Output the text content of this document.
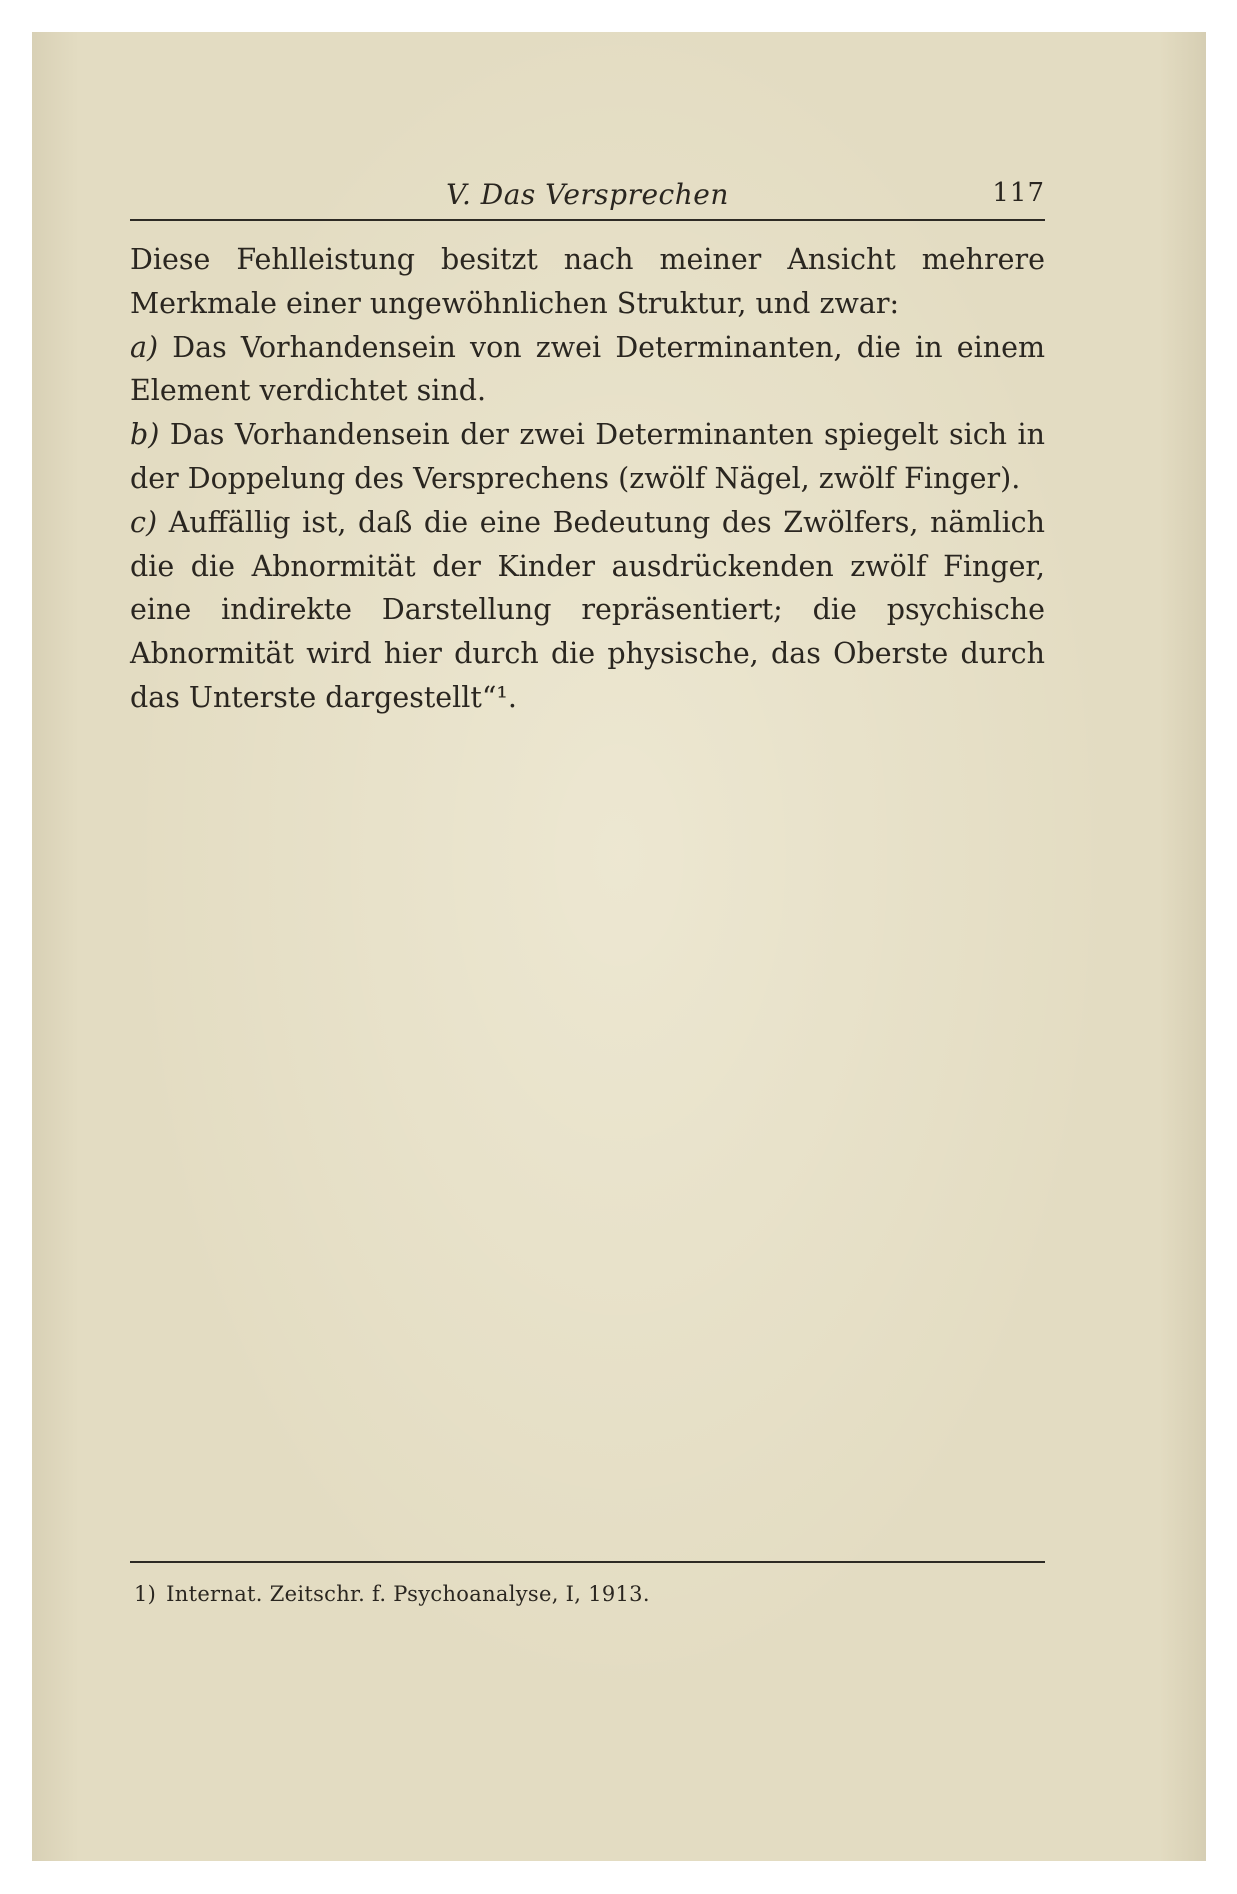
V. Das Versprechen	117

Diese Fehlleistung besitzt nach meiner Ansicht mehrere Merkmale einer ungewöhnlichen Struktur, und zwar:

a) Das Vorhandensein von zwei Determinanten, die in einem Element verdichtet sind.

b) Das Vorhandensein der zwei Determinanten spiegelt sich in der Doppelung des Versprechens (zwölf Nägel, zwölf Finger).

c) Auffällig ist, daß die eine Bedeutung des Zwölfers, nämlich die die Abnormität der Kinder ausdrückenden zwölf Finger, eine indirekte Darstellung repräsentiert; die psychische Abnormität wird hier durch die physische, das Oberste durch das Unterste dargestellt“¹.

1) Internat. Zeitschr. f. Psychoanalyse, I, 1913.
